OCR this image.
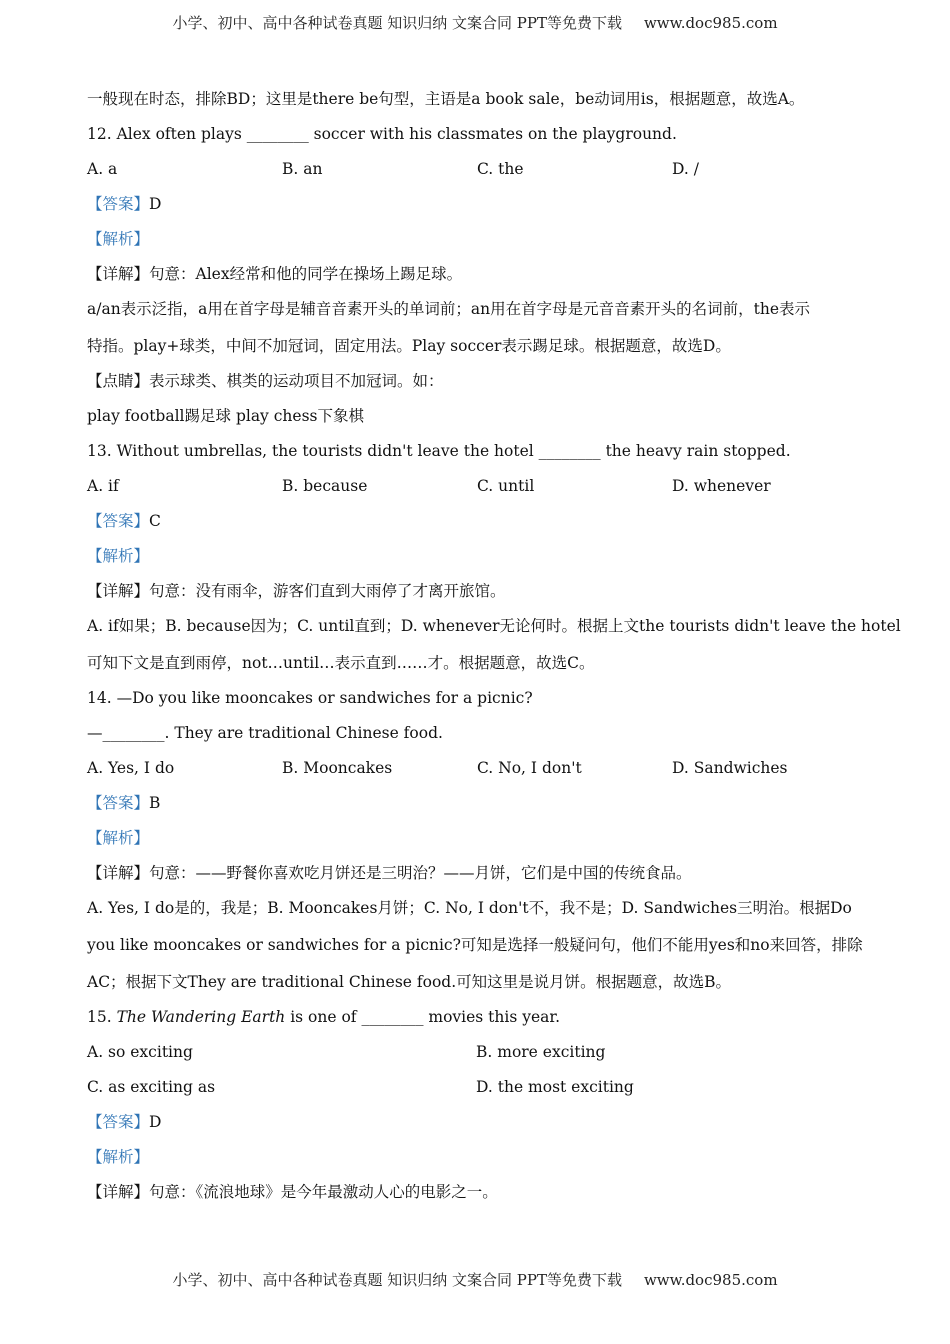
小学、初中、高中各种试卷真题 知识归纳 文案合同 PPT等免费下载 www.doc985.com
一般现在时态，排除BD；这里是there be句型，主语是a book sale，be动词用is，根据题意，故选A。
12. Alex often plays ________ soccer with his classmates on the playground.
A. a	B. an	C. the	D. /
【答案】D
【解析】
【详解】句意：Alex经常和他的同学在操场上踢足球。
a/an表示泛指，a用在首字母是辅音音素开头的单词前；an用在首字母是元音音素开头的名词前，the表示
特指。play+球类，中间不加冠词，固定用法。Play soccer表示踢足球。根据题意，故选D。
【点睛】表示球类、棋类的运动项目不加冠词。如：
play football踢足球 play chess下象棋
13. Without umbrellas, the tourists didn't leave the hotel ________ the heavy rain stopped.
A. if	B. because	C. until	D. whenever
【答案】C
【解析】
【详解】句意：没有雨伞，游客们直到大雨停了才离开旅馆。
A. if如果；B. because因为；C. until直到；D. whenever无论何时。根据上文the tourists didn't leave the hotel
可知下文是直到雨停，not…until…表示直到……才。根据题意，故选C。
14. —Do you like mooncakes or sandwiches for a picnic?
—________. They are traditional Chinese food.
A. Yes, I do	B. Mooncakes	C. No, I don't	D. Sandwiches
【答案】B
【解析】
【详解】句意：——野餐你喜欢吃月饼还是三明治？——月饼，它们是中国的传统食品。
A. Yes, I do是的，我是；B. Mooncakes月饼；C. No, I don't不，我不是；D. Sandwiches三明治。根据Do
you like mooncakes or sandwiches for a picnic?可知是选择一般疑问句，他们不能用yes和no来回答，排除
AC；根据下文They are traditional Chinese food.可知这里是说月饼。根据题意，故选B。
15. The Wandering Earth is one of ________ movies this year.
A. so exciting	B. more exciting
C. as exciting as	D. the most exciting
【答案】D
【解析】
【详解】句意：《流浪地球》是今年最激动人心的电影之一。
小学、初中、高中各种试卷真题 知识归纳 文案合同 PPT等免费下载 www.doc985.com
